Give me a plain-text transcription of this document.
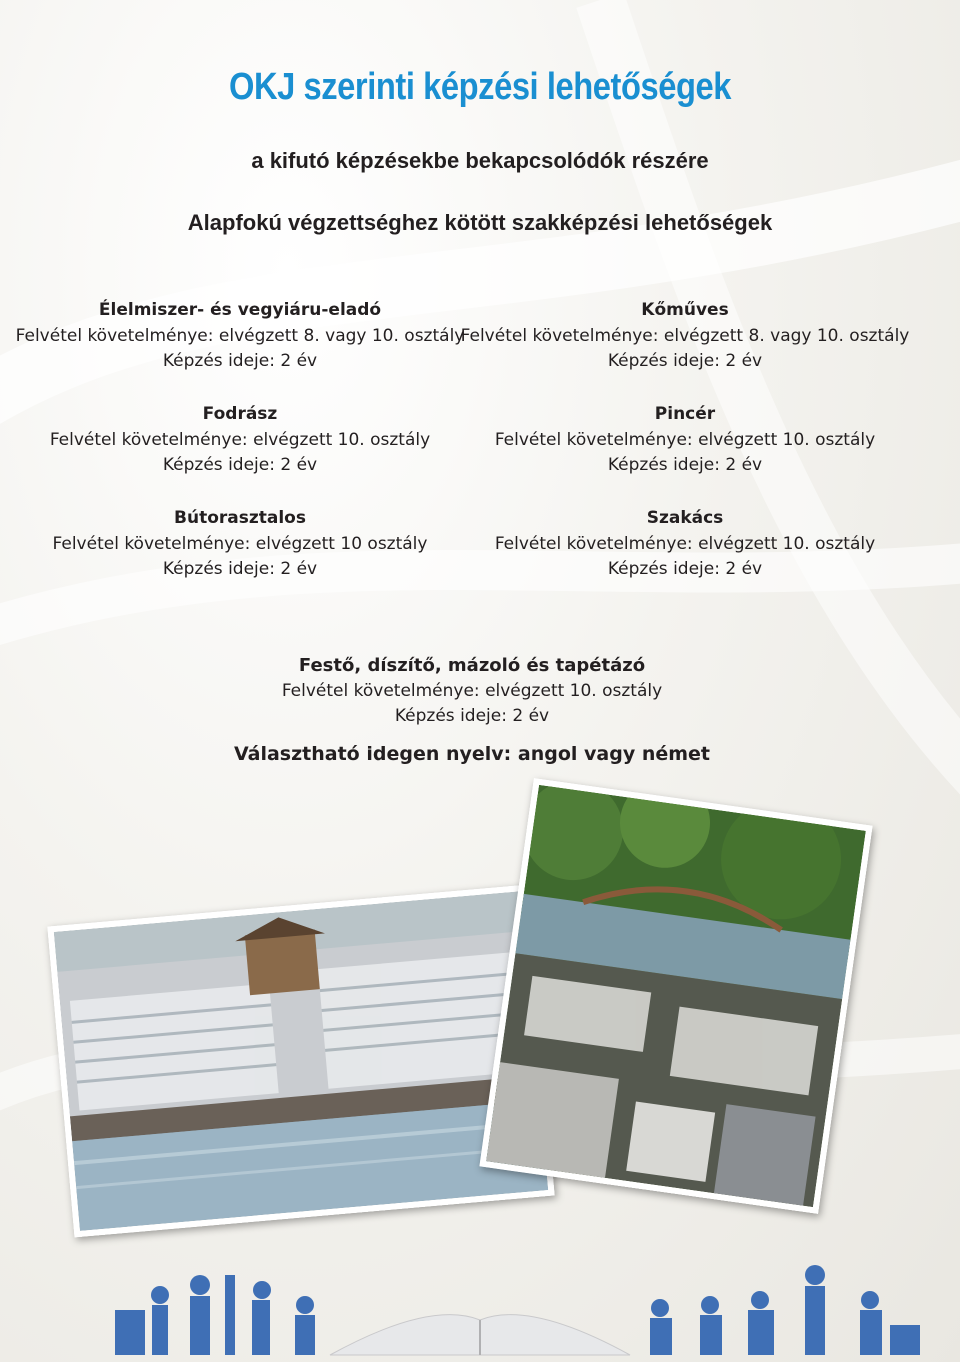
OKJ szerinti képzési lehetőségek
a kifutó képzésekbe bekapcsolódók részére
Alapfokú végzettséghez kötött szakképzési lehetőségek
Élelmiszer- és vegyiáru-eladó
Felvétel követelménye: elvégzett 8. vagy 10. osztály
Képzés ideje: 2 év
Fodrász
Felvétel követelménye: elvégzett 10. osztály
Képzés ideje: 2 év
Bútorasztalos
Felvétel követelménye: elvégzett 10 osztály
Képzés ideje: 2 év
Kőműves
Felvétel követelménye: elvégzett 8. vagy 10. osztály
Képzés ideje: 2 év
Pincér
Felvétel követelménye: elvégzett 10. osztály
Képzés ideje: 2 év
Szakács
Felvétel követelménye: elvégzett 10. osztály
Képzés ideje: 2 év
Festő, díszítő, mázoló és tapétázó
Felvétel követelménye: elvégzett 10. osztály
Képzés ideje: 2 év
Választható idegen nyelv: angol vagy német
